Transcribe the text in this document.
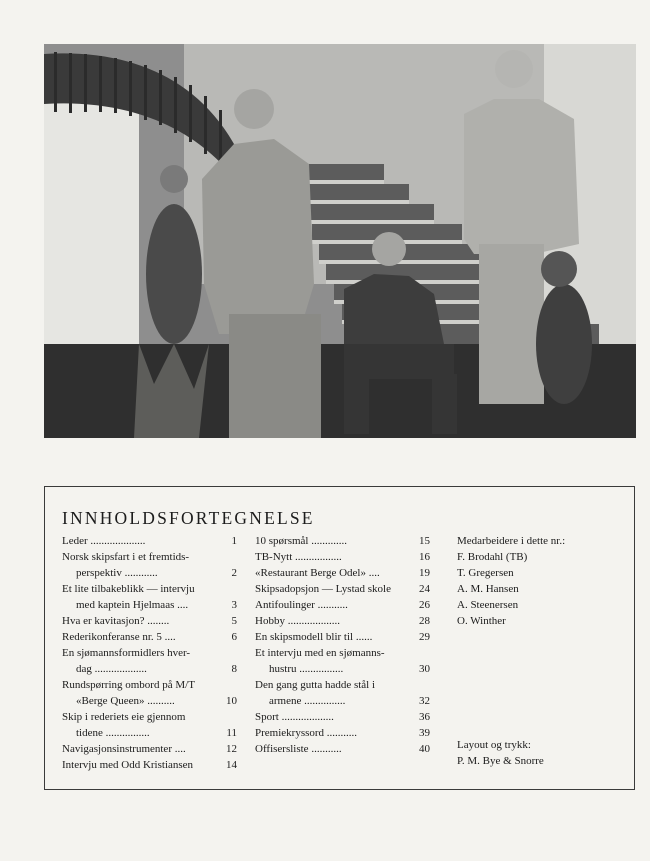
INNHOLDSFORTEGNELSE
Leder ....................	1
Norsk skipsfart i et fremtids-
perspektiv ............	2
Et lite tilbakeblikk — intervju
med kaptein Hjelmaas ....	3
Hva er kavitasjon? ........	5
Rederikonferanse nr. 5 ....	6
En sjømannsformidlers hver-
dag ...................	8
Rundspørring ombord på M/T
«Berge Queen» ..........	10
Skip i rederiets eie gjennom
tidene ................	11
Navigasjonsinstrumenter ....	12
Intervju med Odd Kristiansen	14
10 spørsmål .............	15
TB-Nytt .................	16
«Restaurant Berge Odel» ....	19
Skipsadopsjon — Lystad skole	24
Antifoulinger ...........	26
Hobby ...................	28
En skipsmodell blir til ......	29
Et intervju med en sjømanns-
hustru ................	30
Den gang gutta hadde stål i
armene ...............	32
Sport ...................	36
Premiekryssord ...........	39
Offisersliste ...........	40
Medarbeidere i dette nr.:
F. Brodahl (TB)
T. Gregersen
A. M. Hansen
A. Steenersen
O. Winther
Layout og trykk:
P. M. Bye & Snorre
